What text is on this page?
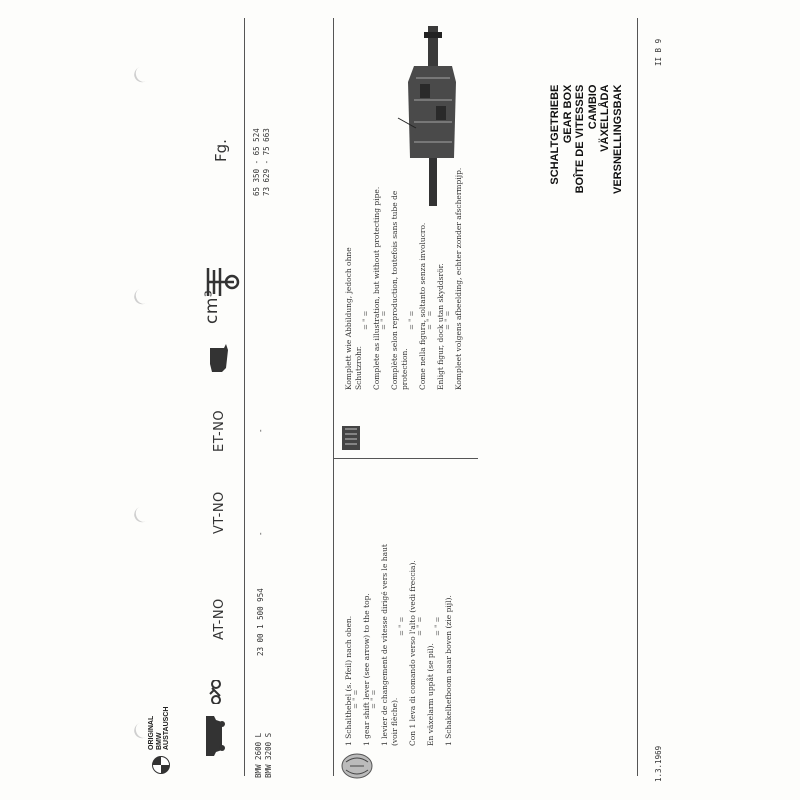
ORIGINAL BMW AUSTAUSCH
AT-NO
VT-NO
ET-NO
cm³
Fg.
BMW 2600 L BMW 3200 S
23 00 1 500 954
-
-
65 350 - 65 524 73 629 - 75 663
1 Schalthebel (s. Pfeil) nach oben. = " = 1 gear shift lever (see arrow) to the top. = " = 1 levier de changement de vitesse dirigé vers le haut (voir flèche).
= " = Con 1 leva di comando verso l'alto (vedi freccia). = " =
En växelarm uppåt (se pil).
= " = 1 Schakelhefboom naar boven (zie pijl).
Komplett wie Abbildung, jedoch ohne Schutzrohr.
= " = Complete as illustration, but without protecting pipe. = " = Complète selon reproduction, toutefois sans tube de protection.
= " = Come nella figura, soltanto senza involucro. = " = Enligt figur, dock utan skyddsrör. = " = Kompleet volgens afbeelding, echter zonder afschermpijp.
SCHALTGETRIEBE GEAR BOX BOÎTE DE VITESSES CAMBIO VÄXELLÅDA VERSNELLINGSBAK
II B 9
1.3.1969
